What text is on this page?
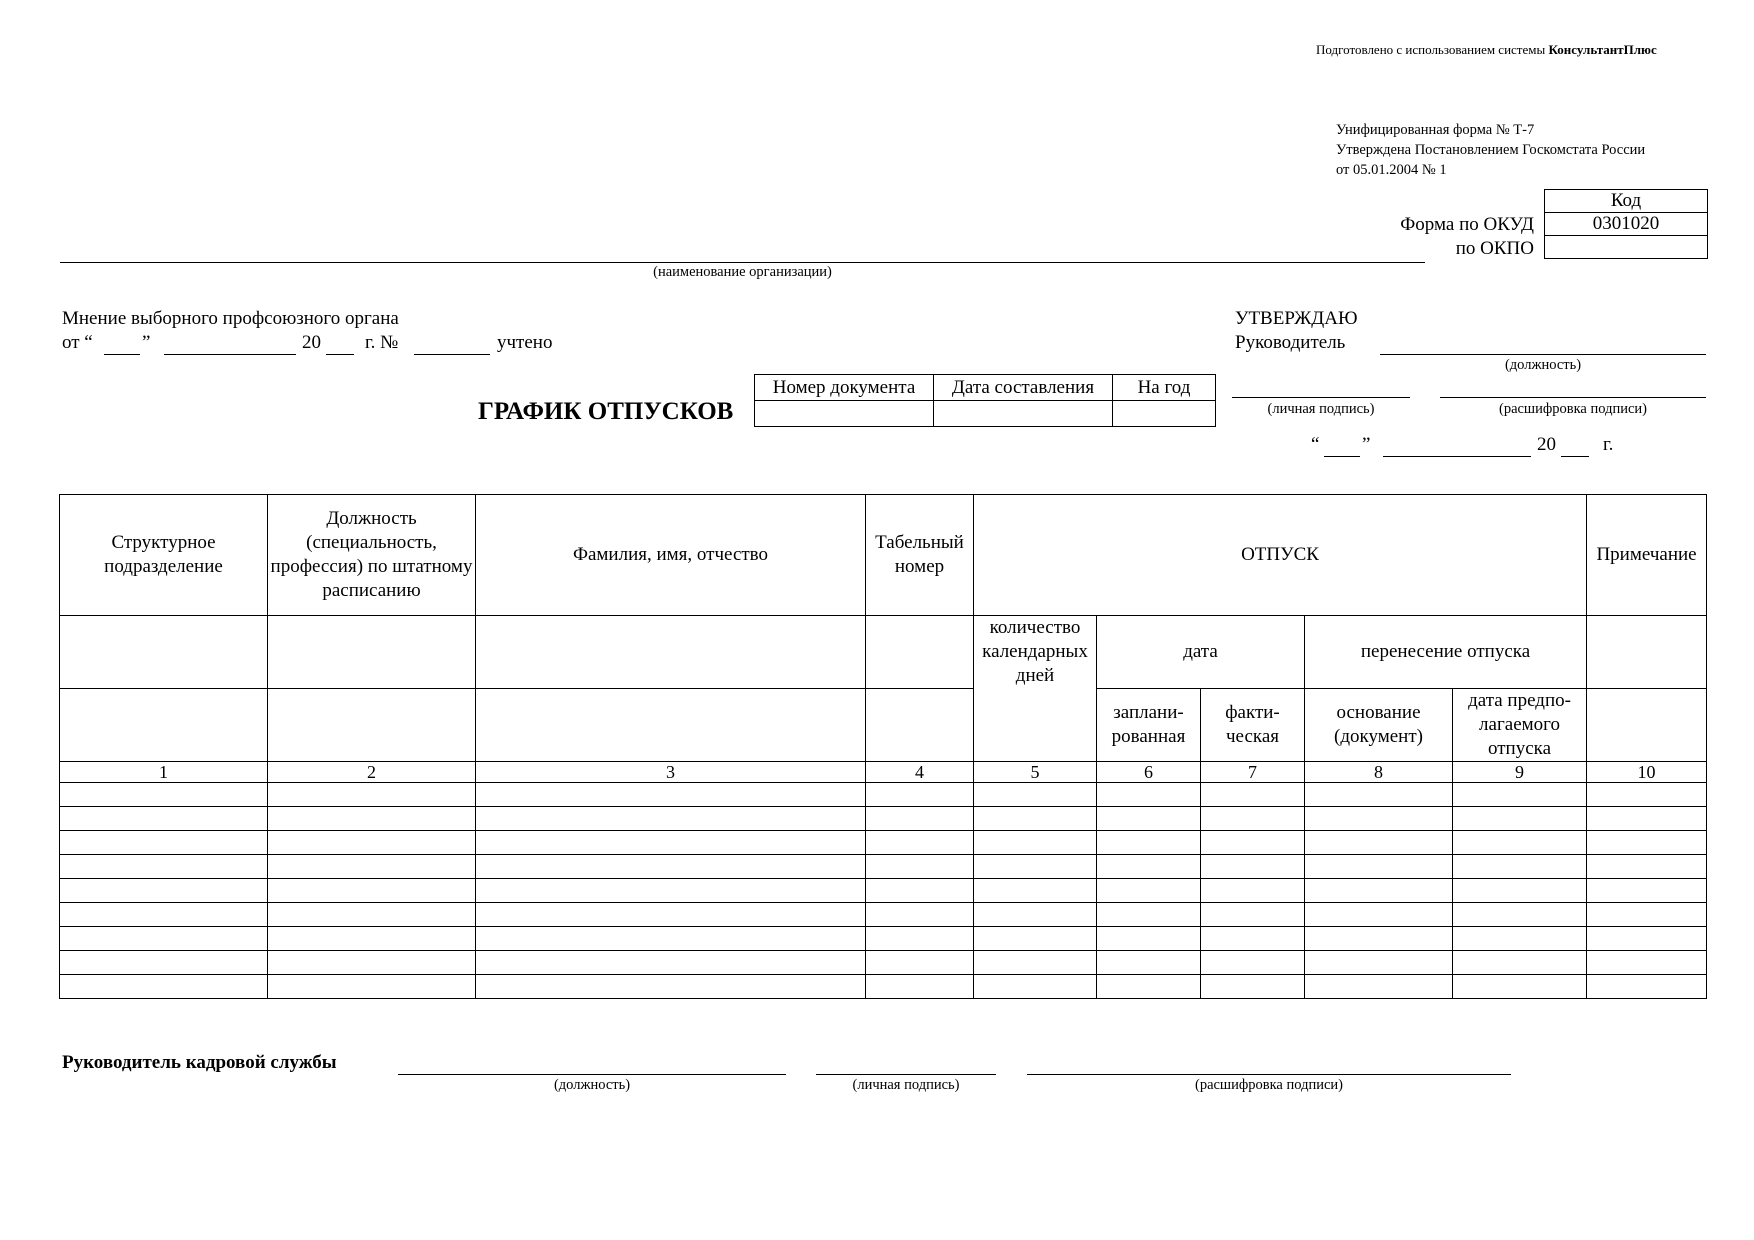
Подготовлено с использованием системы КонсультантПлюс
Унифицированная форма № Т-7
Утверждена Постановлением Госкомстата России
от 05.01.2004 № 1
Код
0301020

Форма по ОКУД
по ОКПО
(наименование организации)
Мнение выборного профсоюзного органа
от “	”	20 г. №	учтено
УТВЕРЖДАЮ
Руководитель
(должность)
(личная подпись)	(расшифровка подписи)
“ ”	20 г.
ГРАФИК ОТПУСКОВ
Номер документа	Дата составления	На год

Структурное подразделение	Должность (специальность, профессия) по штатному расписанию	Фамилия, имя, отчество	Табельный номер	ОТПУСК					Примечание
				количество календарных дней	дата		перенесение отпуска		
					заплани-рованная	факти-ческая	основание (документ)	дата предпо-лагаемого отпуска	
1	2	3	4	5	6	7	8	9	10

Руководитель кадровой службы
(должность)	(личная подпись)	(расшифровка подписи)
